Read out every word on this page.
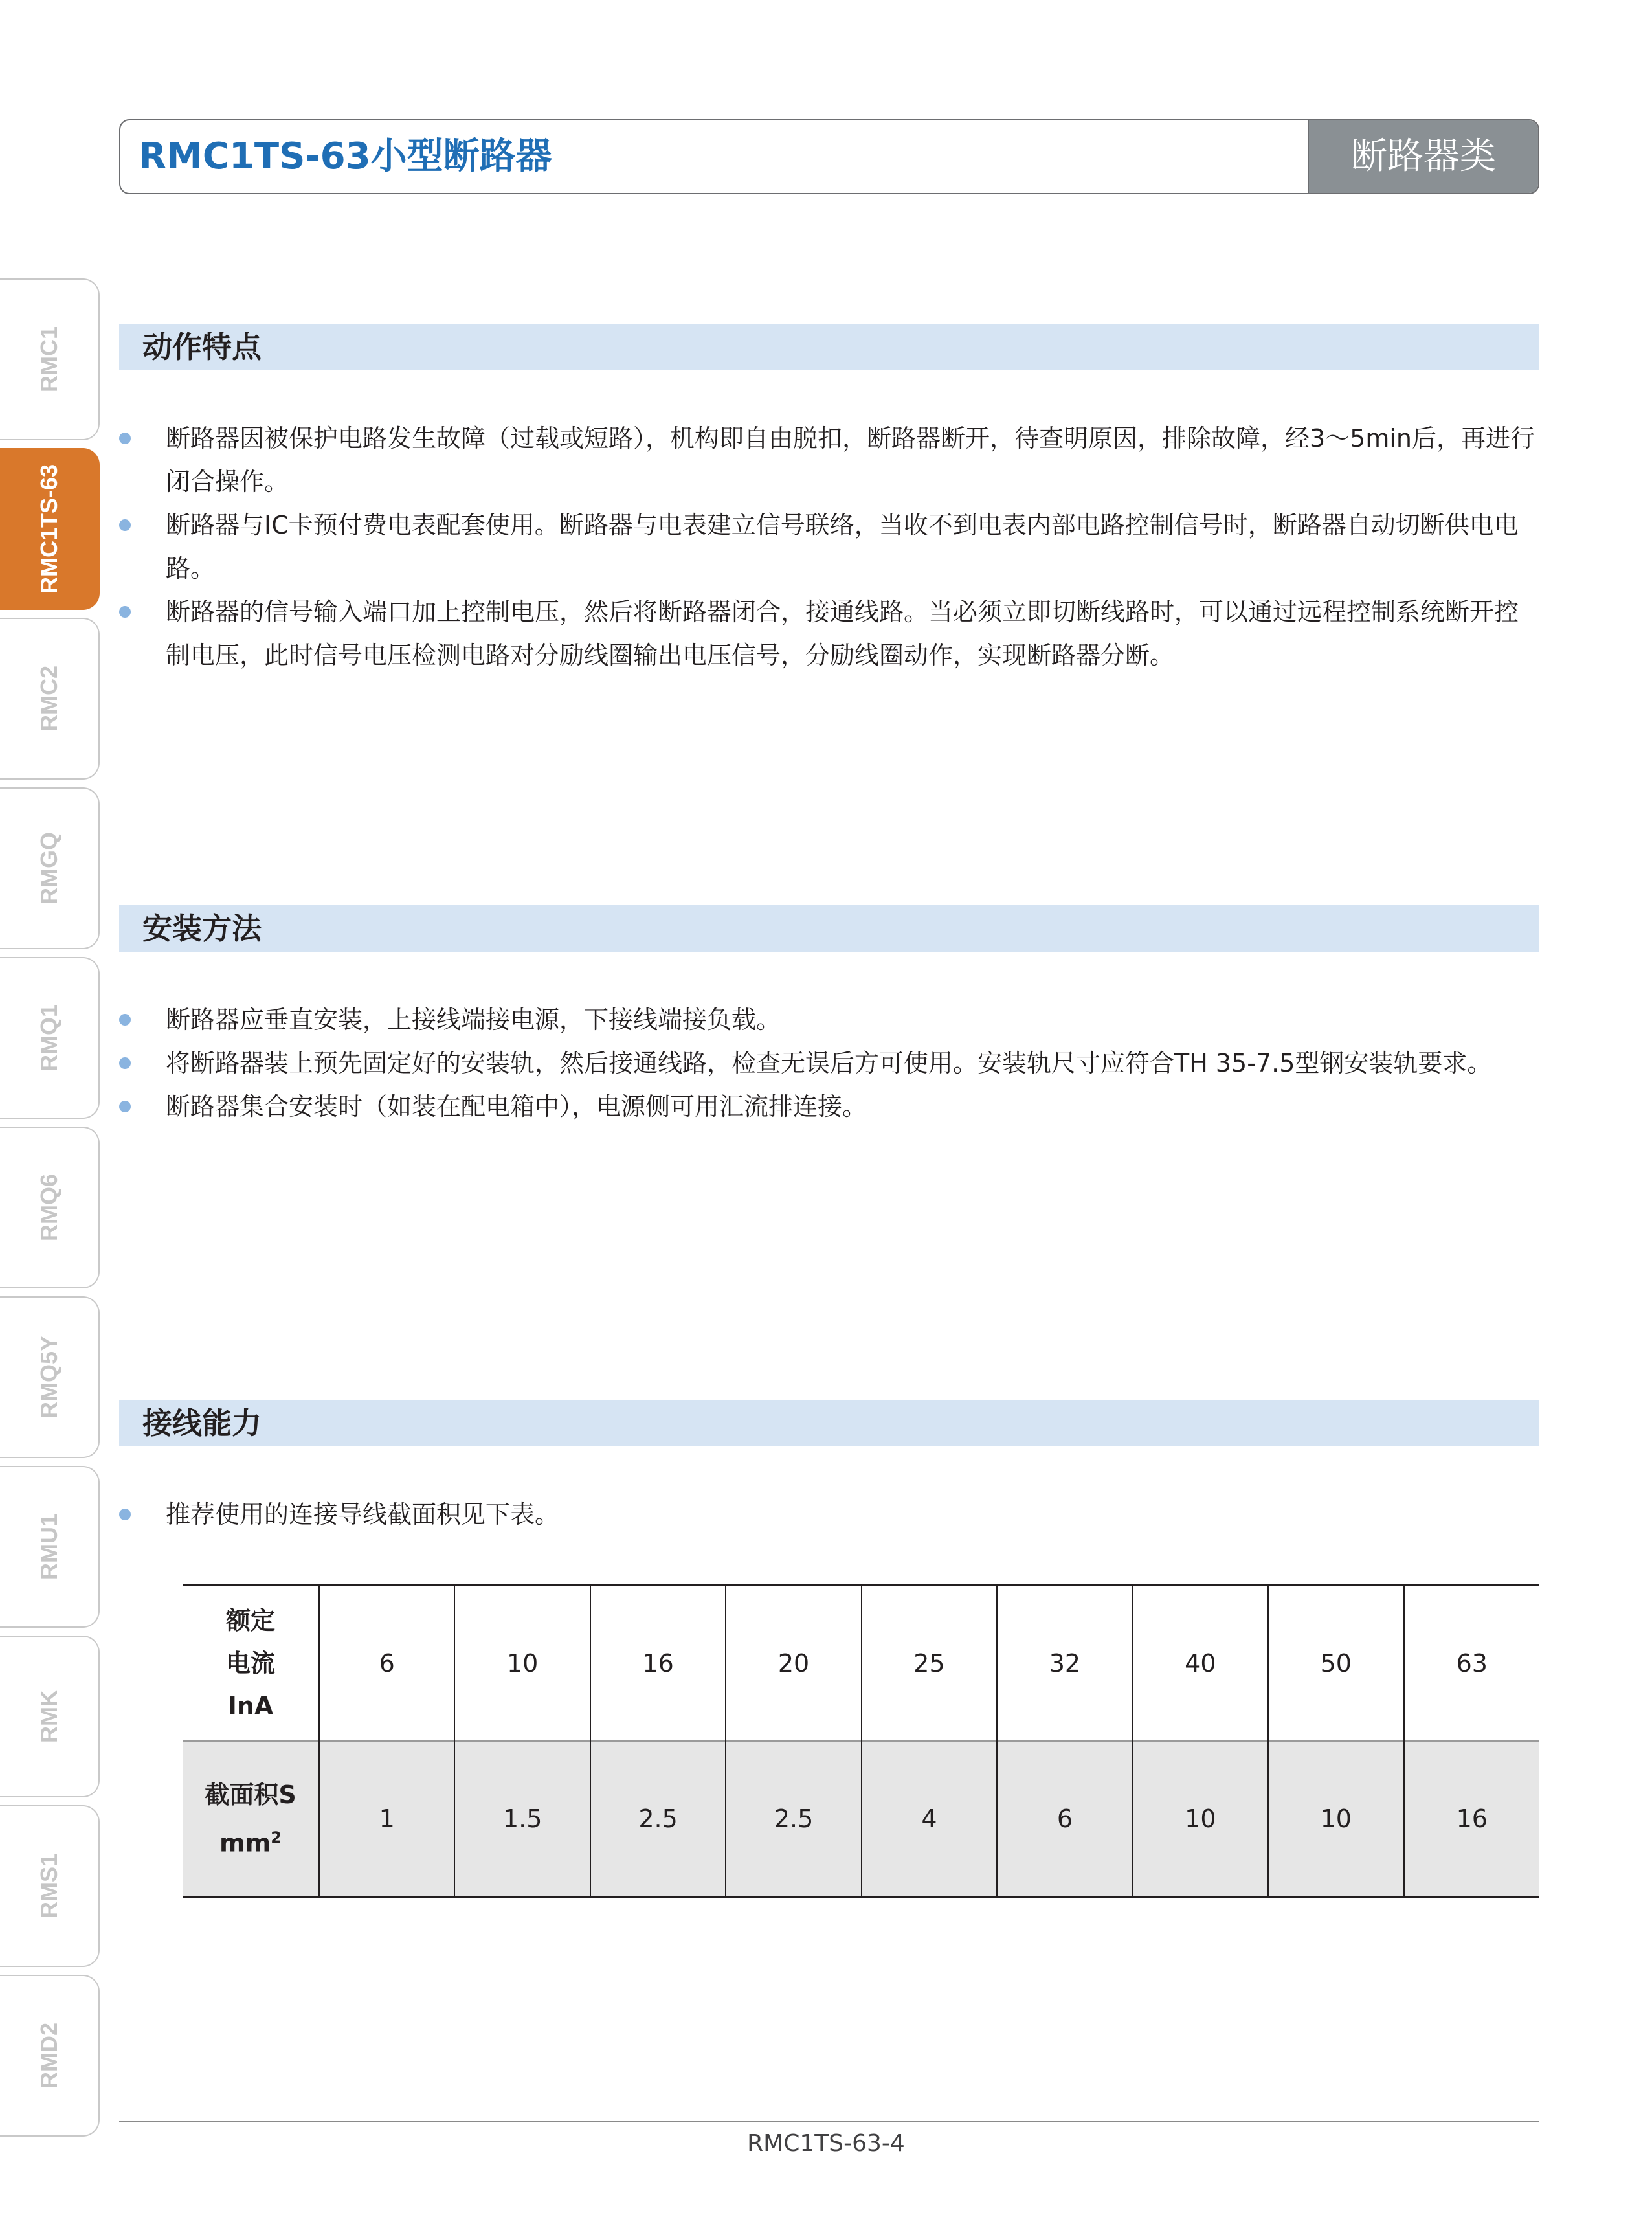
RMC1TS-63小型断路器	断路器类
RMC1
RMC1TS-63
RMC2
RMGQ
RMQ1
RMQ6
RMQ5Y
RMU1
RMK
RMS1
RMD2
动作特点
断路器因被保护电路发生故障（过载或短路），机构即自由脱扣，断路器断开，待查明原因，排除故障，经3～5min后，再进行闭合操作。
断路器与IC卡预付费电表配套使用。断路器与电表建立信号联络，当收不到电表内部电路控制信号时，断路器自动切断供电电路。
断路器的信号输入端口加上控制电压，然后将断路器闭合，接通线路。当必须立即切断线路时，可以通过远程控制系统断开控制电压，此时信号电压检测电路对分励线圈输出电压信号，分励线圈动作，实现断路器分断。
安装方法
断路器应垂直安装，上接线端接电源，下接线端接负载。
将断路器装上预先固定好的安装轨，然后接通线路，检查无误后方可使用。安装轨尺寸应符合TH 35-7.5型钢安装轨要求。
断路器集合安装时（如装在配电箱中），电源侧可用汇流排连接。
接线能力
推荐使用的连接导线截面积见下表。
额定
电流
InA	6	10	16	20	25	32	40	50	63

截面积S
$mm^2$	1	1.5	2.5	2.5	4	6	10	10	16
RMC1TS-63-4
